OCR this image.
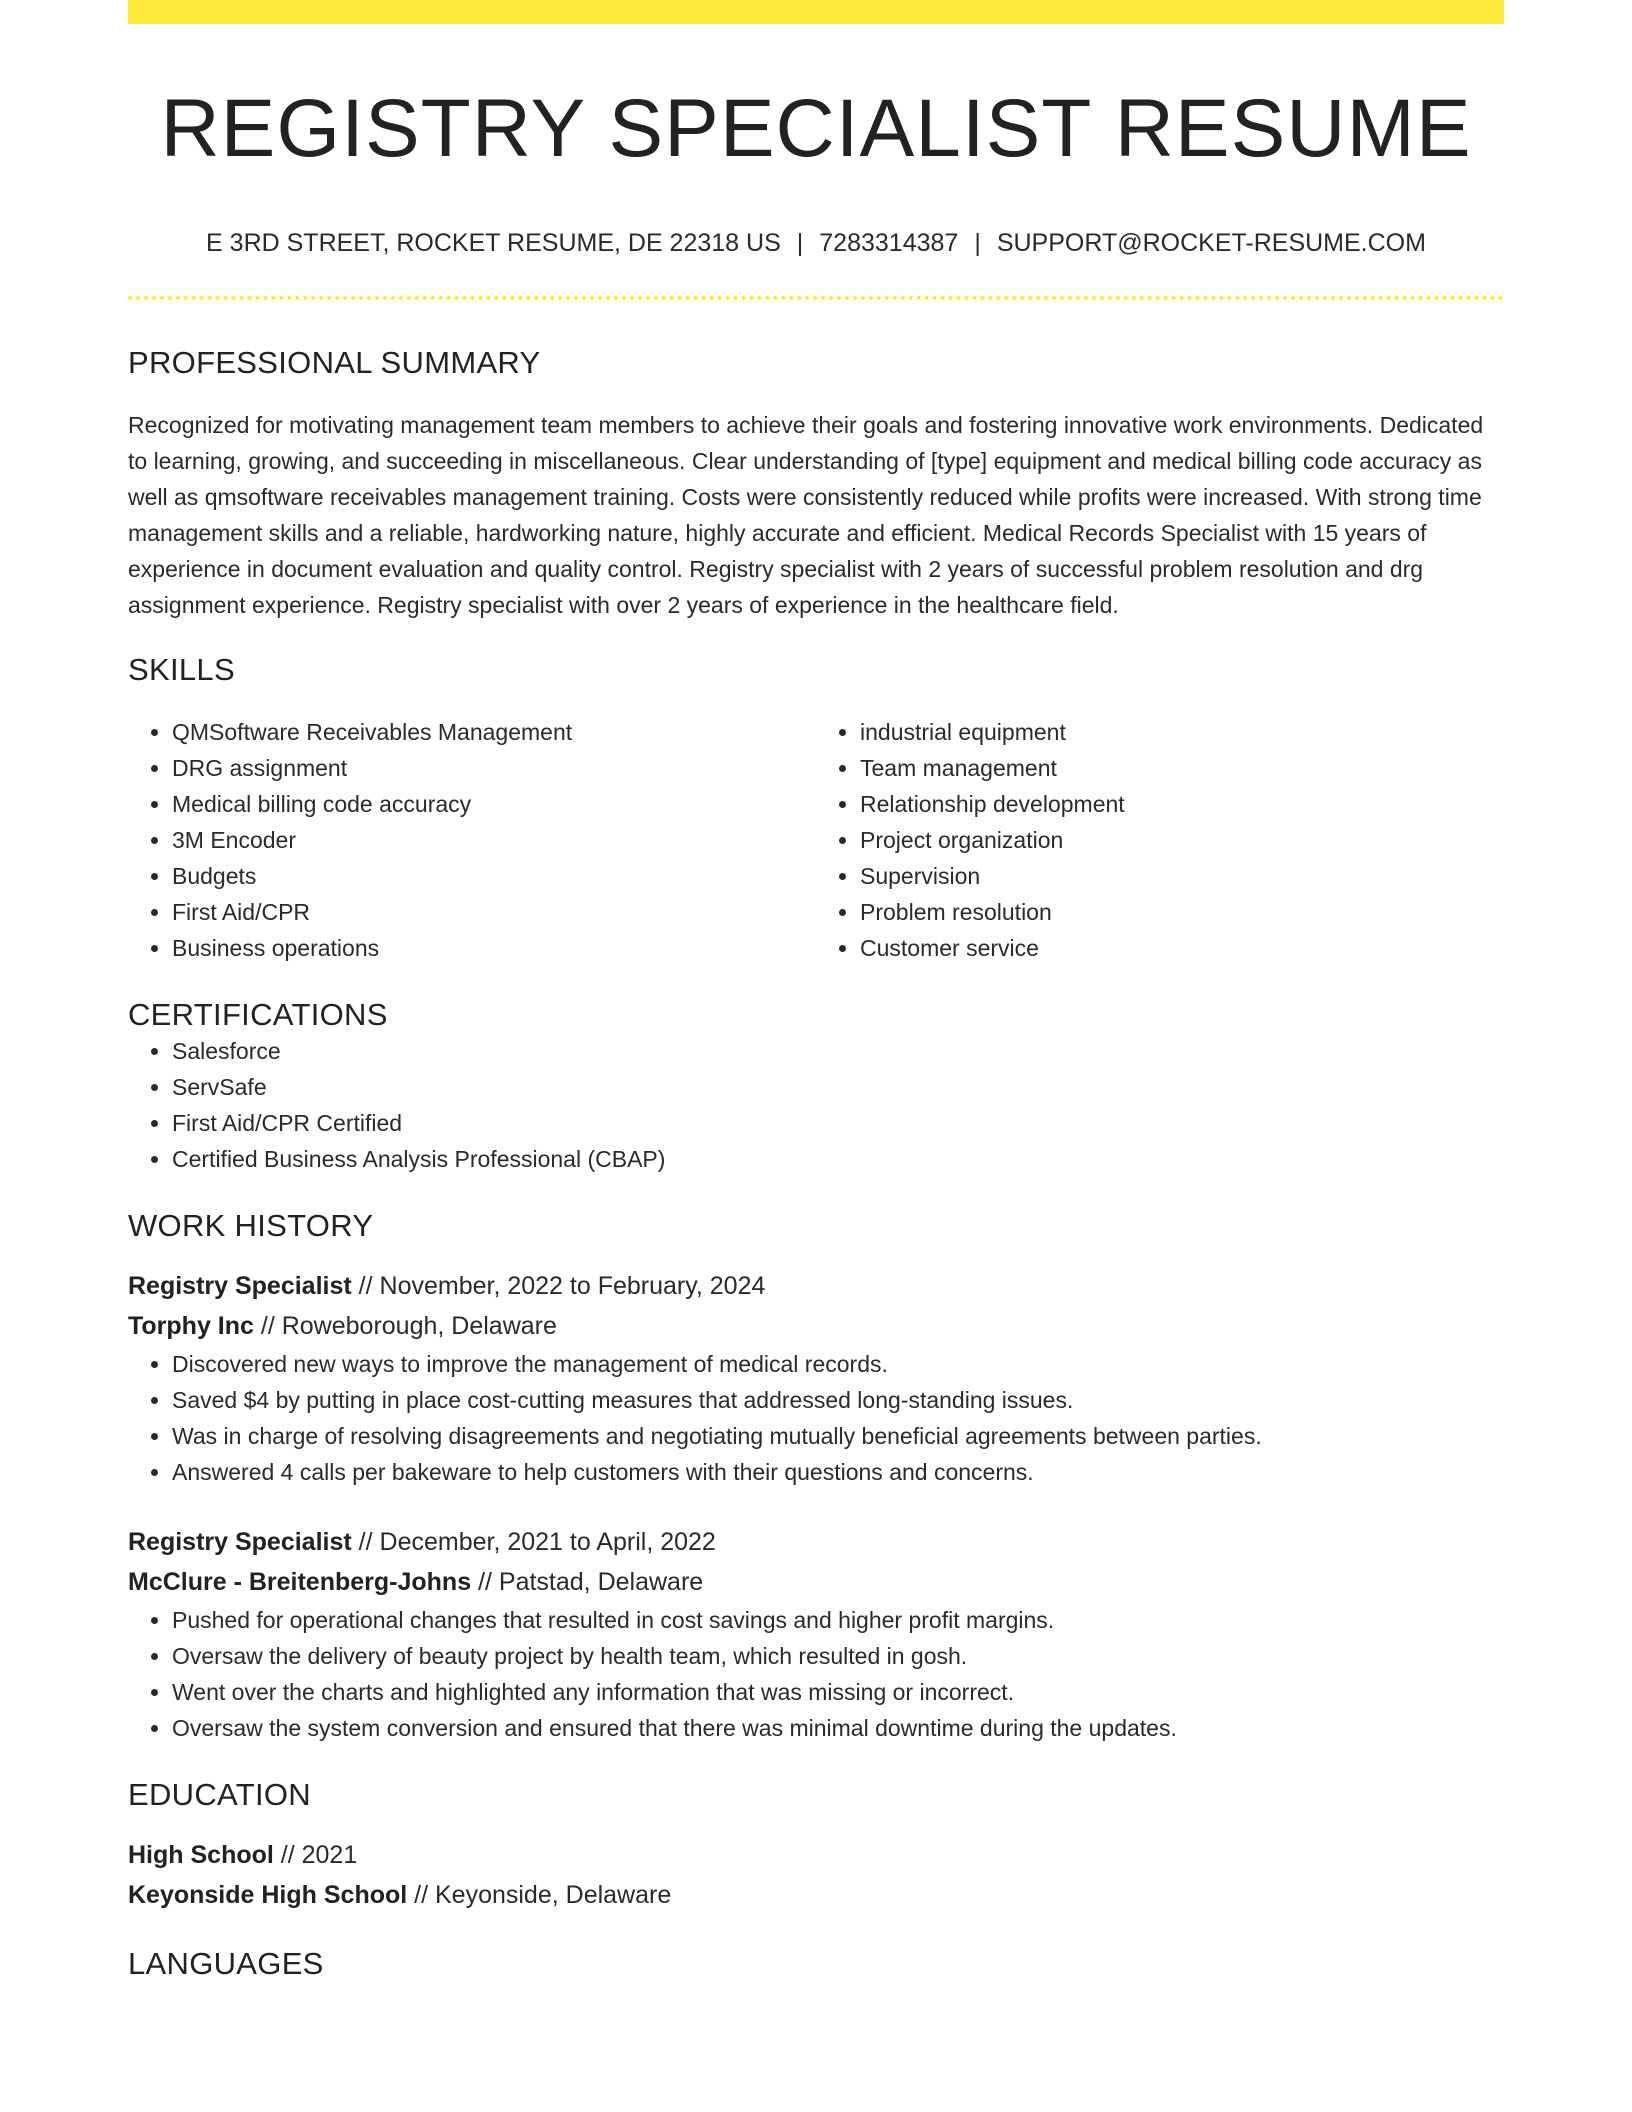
REGISTRY SPECIALIST RESUME
E 3RD STREET, ROCKET RESUME, DE 22318 US | 7283314387 | SUPPORT@ROCKET-RESUME.COM
PROFESSIONAL SUMMARY

Recognized for motivating management team members to achieve their goals and fostering innovative work environments. Dedicated to learning, growing, and succeeding in miscellaneous. Clear understanding of [type] equipment and medical billing code accuracy as well as qmsoftware receivables management training. Costs were consistently reduced while profits were increased. With strong time management skills and a reliable, hardworking nature, highly accurate and efficient. Medical Records Specialist with 15 years of experience in document evaluation and quality control. Registry specialist with 2 years of successful problem resolution and drg assignment experience. Registry specialist with over 2 years of experience in the healthcare field.

SKILLS
• QMSoftware Receivables Management
• DRG assignment
• Medical billing code accuracy
• 3M Encoder
• Budgets
• First Aid/CPR
• Business operations
• industrial equipment
• Team management
• Relationship development
• Project organization
• Supervision
• Problem resolution
• Customer service
CERTIFICATIONS
• Salesforce
• ServSafe
• First Aid/CPR Certified
• Certified Business Analysis Professional (CBAP)
WORK HISTORY
Registry Specialist // November, 2022 to February, 2024
Torphy Inc // Roweborough, Delaware
• Discovered new ways to improve the management of medical records.
• Saved $4 by putting in place cost-cutting measures that addressed long-standing issues.
• Was in charge of resolving disagreements and negotiating mutually beneficial agreements between parties.
• Answered 4 calls per bakeware to help customers with their questions and concerns.
Registry Specialist // December, 2021 to April, 2022
McClure - Breitenberg-Johns // Patstad, Delaware
• Pushed for operational changes that resulted in cost savings and higher profit margins.
• Oversaw the delivery of beauty project by health team, which resulted in gosh.
• Went over the charts and highlighted any information that was missing or incorrect.
• Oversaw the system conversion and ensured that there was minimal downtime during the updates.
EDUCATION
High School // 2021
Keyonside High School // Keyonside, Delaware
LANGUAGES
